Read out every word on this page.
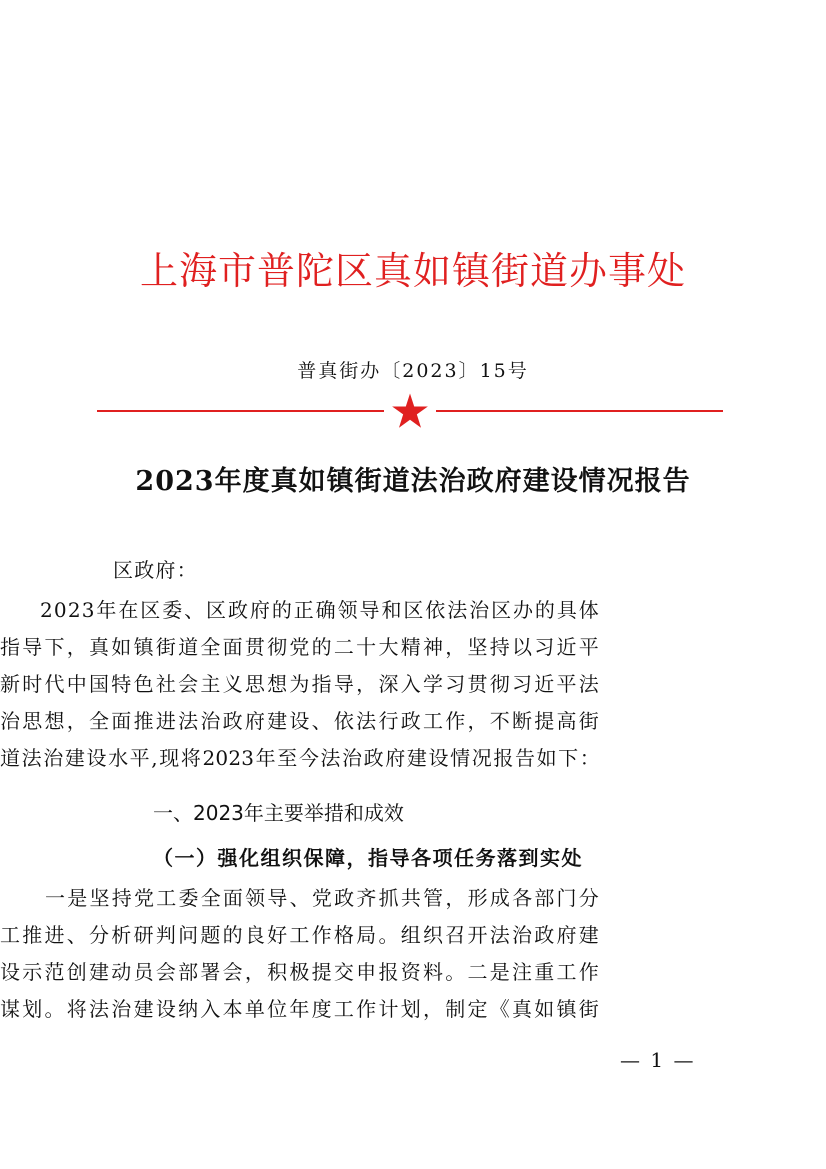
上海市普陀区真如镇街道办事处
普真街办〔2023〕15号
2023年度真如镇街道法治政府建设情况报告
区政府：
2023年在区委、区政府的正确领导和区依法治区办的具体
指导下，真如镇街道全面贯彻党的二十大精神，坚持以习近平
新时代中国特色社会主义思想为指导，深入学习贯彻习近平法
治思想，全面推进法治政府建设、依法行政工作，不断提高街
道法治建设水平,现将2023年至今法治政府建设情况报告如下：
一、2023年主要举措和成效
（一）强化组织保障，指导各项任务落到实处
一是坚持党工委全面领导、党政齐抓共管，形成各部门分
工推进、分析研判问题的良好工作格局。组织召开法治政府建
设示范创建动员会部署会，积极提交申报资料。二是注重工作
谋划。将法治建设纳入本单位年度工作计划，制定《真如镇街
— 1 —
